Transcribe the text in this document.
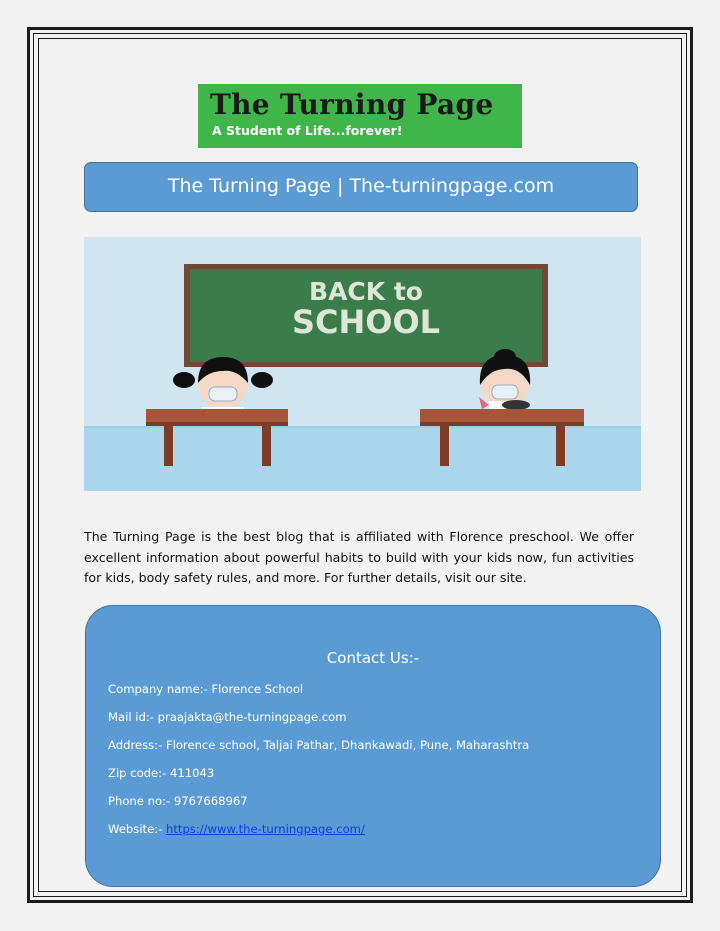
The Turning Page
A Student of Life...forever!
The Turning Page | The-turningpage.com
BACK to
SCHOOL
The Turning Page is the best blog that is affiliated with Florence preschool. We offer excellent information about powerful habits to build with your kids now, fun activities for kids, body safety rules, and more. For further details, visit our site.
Contact Us:-
Company name:- Florence School
Mail id:- praajakta@the-turningpage.com
Address:- Florence school, Taljai Pathar, Dhankawadi, Pune, Maharashtra
Zip code:- 411043
Phone no:- 9767668967
Website:- https://www.the-turningpage.com/
